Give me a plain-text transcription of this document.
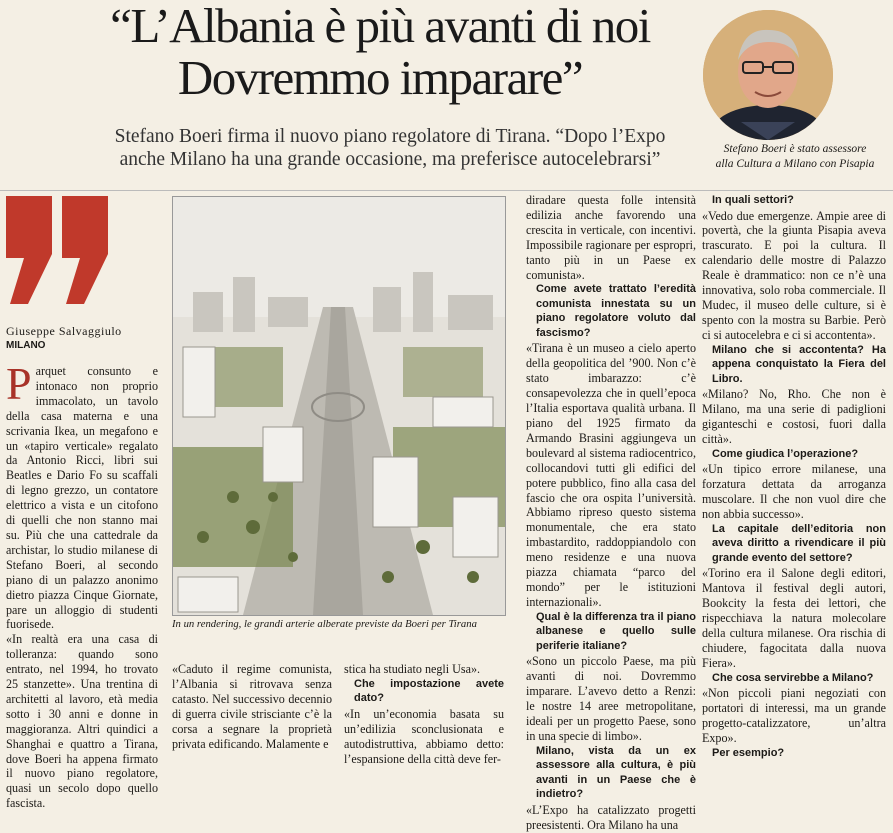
“L’Albania è più avanti di noi
Dovremmo imparare”
Stefano Boeri firma il nuovo piano regolatore di Tirana. “Dopo l’Expo
anche Milano ha una grande occasione, ma preferisce autocelebrarsi”	Stefano Boeri è stato assessore
alla Cultura a Milano con Pisapia
Giuseppe Salvaggiulo
MILANO
P arquet consunto e intonaco non proprio immacolato, un tavolo della casa materna e una scrivania Ikea, un megafono e un «tapiro verticale» regalato da Antonio Ricci, libri sui Beatles e Dario Fo su scaffali di legno grezzo, un contatore elettrico a vista e un citofono di quelli che non stanno mai su. Più che una cattedrale da archistar, lo studio milanese di Stefano Boeri, al secondo piano di un palazzo anonimo dietro piazza Cinque Giornate, pare un alloggio di studenti fuorisede.

«In realtà era una casa di tolleranza: quando sono entrato, nel 1994, ho trovato 25 stanzette». Una trentina di architetti al lavoro, età media sotto i 30 anni e donne in maggioranza. Altri quindici a Shanghai e quattro a Tirana, dove Boeri ha appena firmato il nuovo piano regolatore, quasi un secolo dopo quello fascista.

In un rendering, le grandi arterie alberate previste da Boeri per Tirana

«Caduto il regime comunista, l’Albania si ritrovava senza catasto. Nel successivo decennio di guerra civile strisciante c’è la corsa a segnare la proprietà privata edificando. Malamente e

stica ha studiato negli Usa».

Che impostazione avete dato?

«In un’economia basata su un’edilizia sconclusionata e autodistruttiva, abbiamo detto: l’espansione della città deve fer-

diradare questa folle intensità edilizia anche favorendo una crescita in verticale, con incentivi. Impossibile ragionare per espropri, tanto più in un Paese ex comunista».

Come avete trattato l’eredità comunista innestata su un piano regolatore voluto dal fascismo?

«Tirana è un museo a cielo aperto della geopolitica del ’900. Non c’è stato imbarazzo: c’è consapevolezza che in quell’epoca l’Italia esportava qualità urbana. Il piano del 1925 firmato da Armando Brasini aggiungeva un boulevard al sistema radiocentrico, collocandovi tutti gli edifici del potere pubblico, fino alla casa del fascio che ora ospita l’università. Abbiamo ripreso questo sistema monumentale, che era stato imbastardito, raddoppiandolo con meno residenze e una nuova piazza chiamata “parco del mondo” per le istituzioni internazionali».

Qual è la differenza tra il piano albanese e quello sulle periferie italiane?

«Sono un piccolo Paese, ma più avanti di noi. Dovremmo imparare. L’avevo detto a Renzi: le nostre 14 aree metropolitane, ideali per un progetto Paese, sono in una specie di limbo».

Milano, vista da un ex assessore alla cultura, è più avanti in un Paese che è indietro?

«L’Expo ha catalizzato progetti preesistenti. Ora Milano ha una

In quali settori?

«Vedo due emergenze. Ampie aree di povertà, che la giunta Pisapia aveva trascurato. E poi la cultura. Il calendario delle mostre di Palazzo Reale è drammatico: non ce n’è una innovativa, solo roba commerciale. Il Mudec, il museo delle culture, si è spento con la mostra su Barbie. Però ci si autocelebra e ci si accontenta».

Milano che si accontenta? Ha appena conquistato la Fiera del Libro.

«Milano? No, Rho. Che non è Milano, ma una serie di padiglioni giganteschi e costosi, fuori dalla città».

Come giudica l’operazione?

«Un tipico errore milanese, una forzatura dettata da arroganza muscolare. Il che non vuol dire che non abbia successo».

La capitale dell’editoria non aveva diritto a rivendicare il più grande evento del settore?

«Torino era il Salone degli editori, Mantova il festival degli autori, Bookcity la festa dei lettori, che rispecchiava la natura molecolare della cultura milanese. Ora rischia di chiudere, fagocitata dalla nuova Fiera».

Che cosa servirebbe a Milano?

«Non piccoli piani negoziati con portatori di interessi, ma un grande progetto-catalizzatore, un’altra Expo».

Per esempio?
